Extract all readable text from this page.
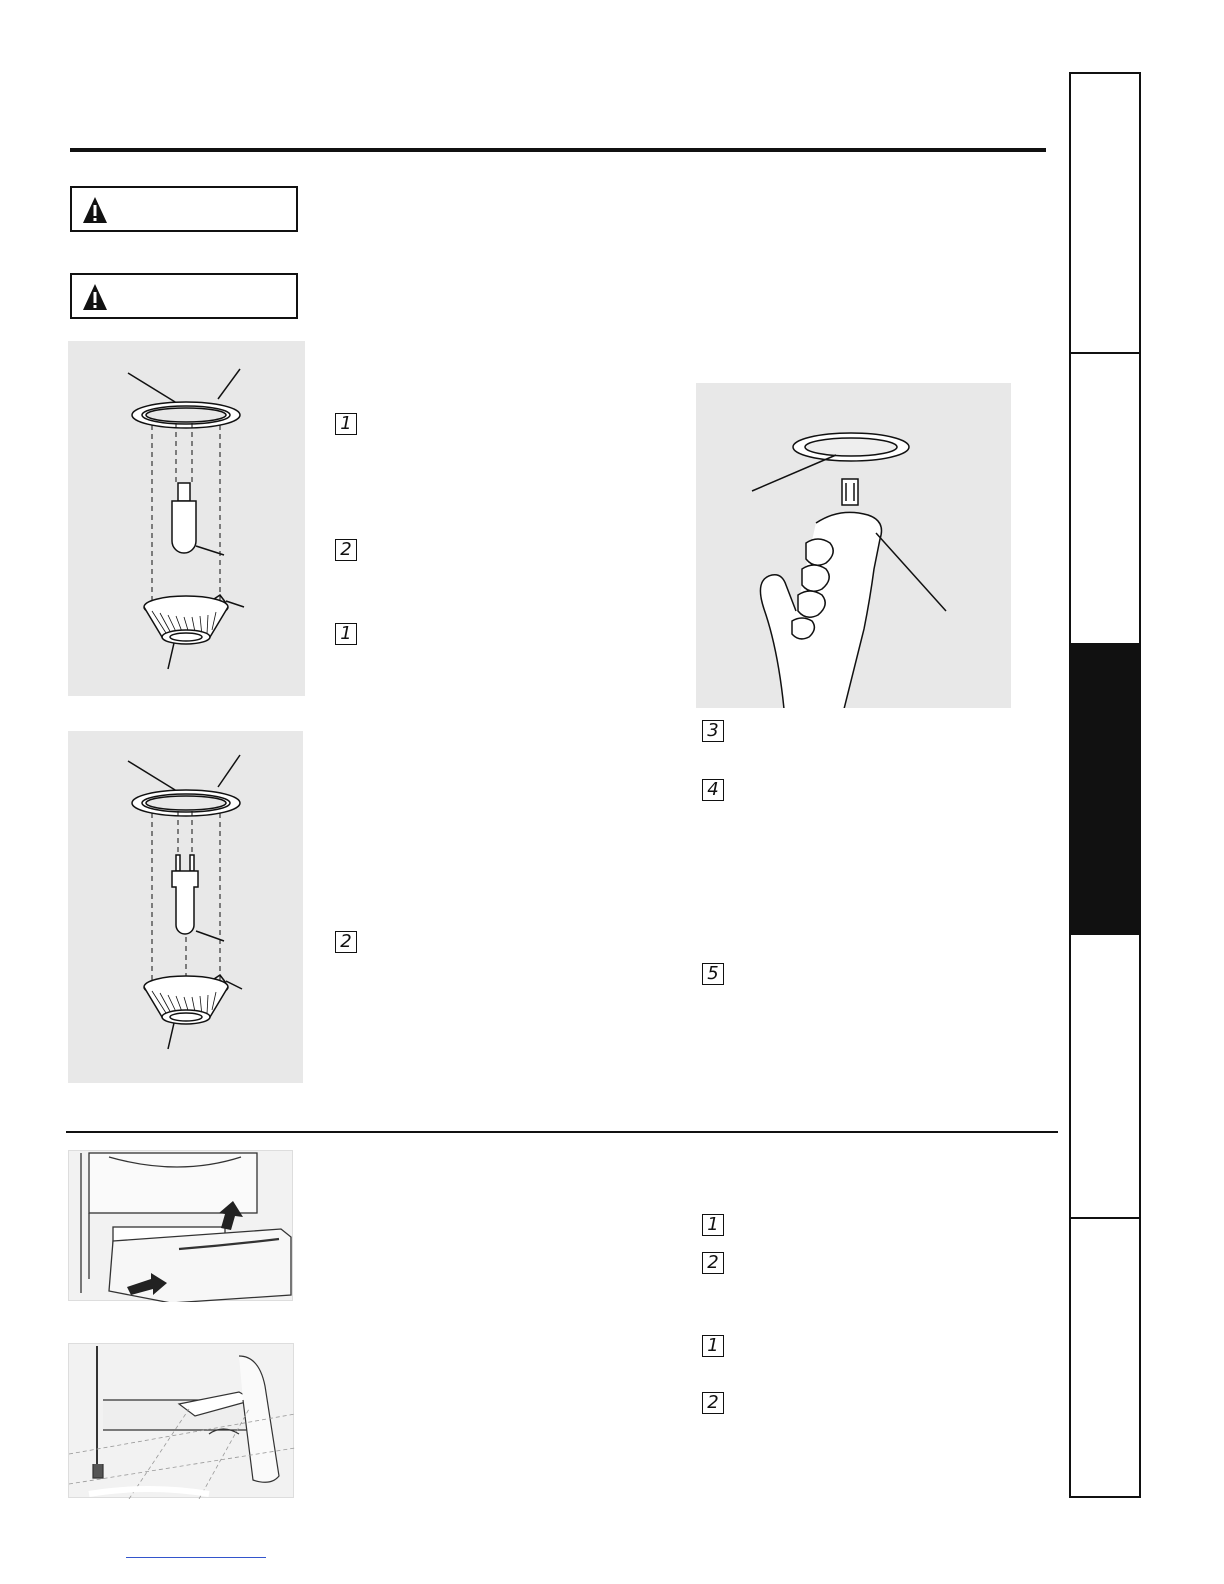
1
2
1
2
3
4
5
1
2
1
2
